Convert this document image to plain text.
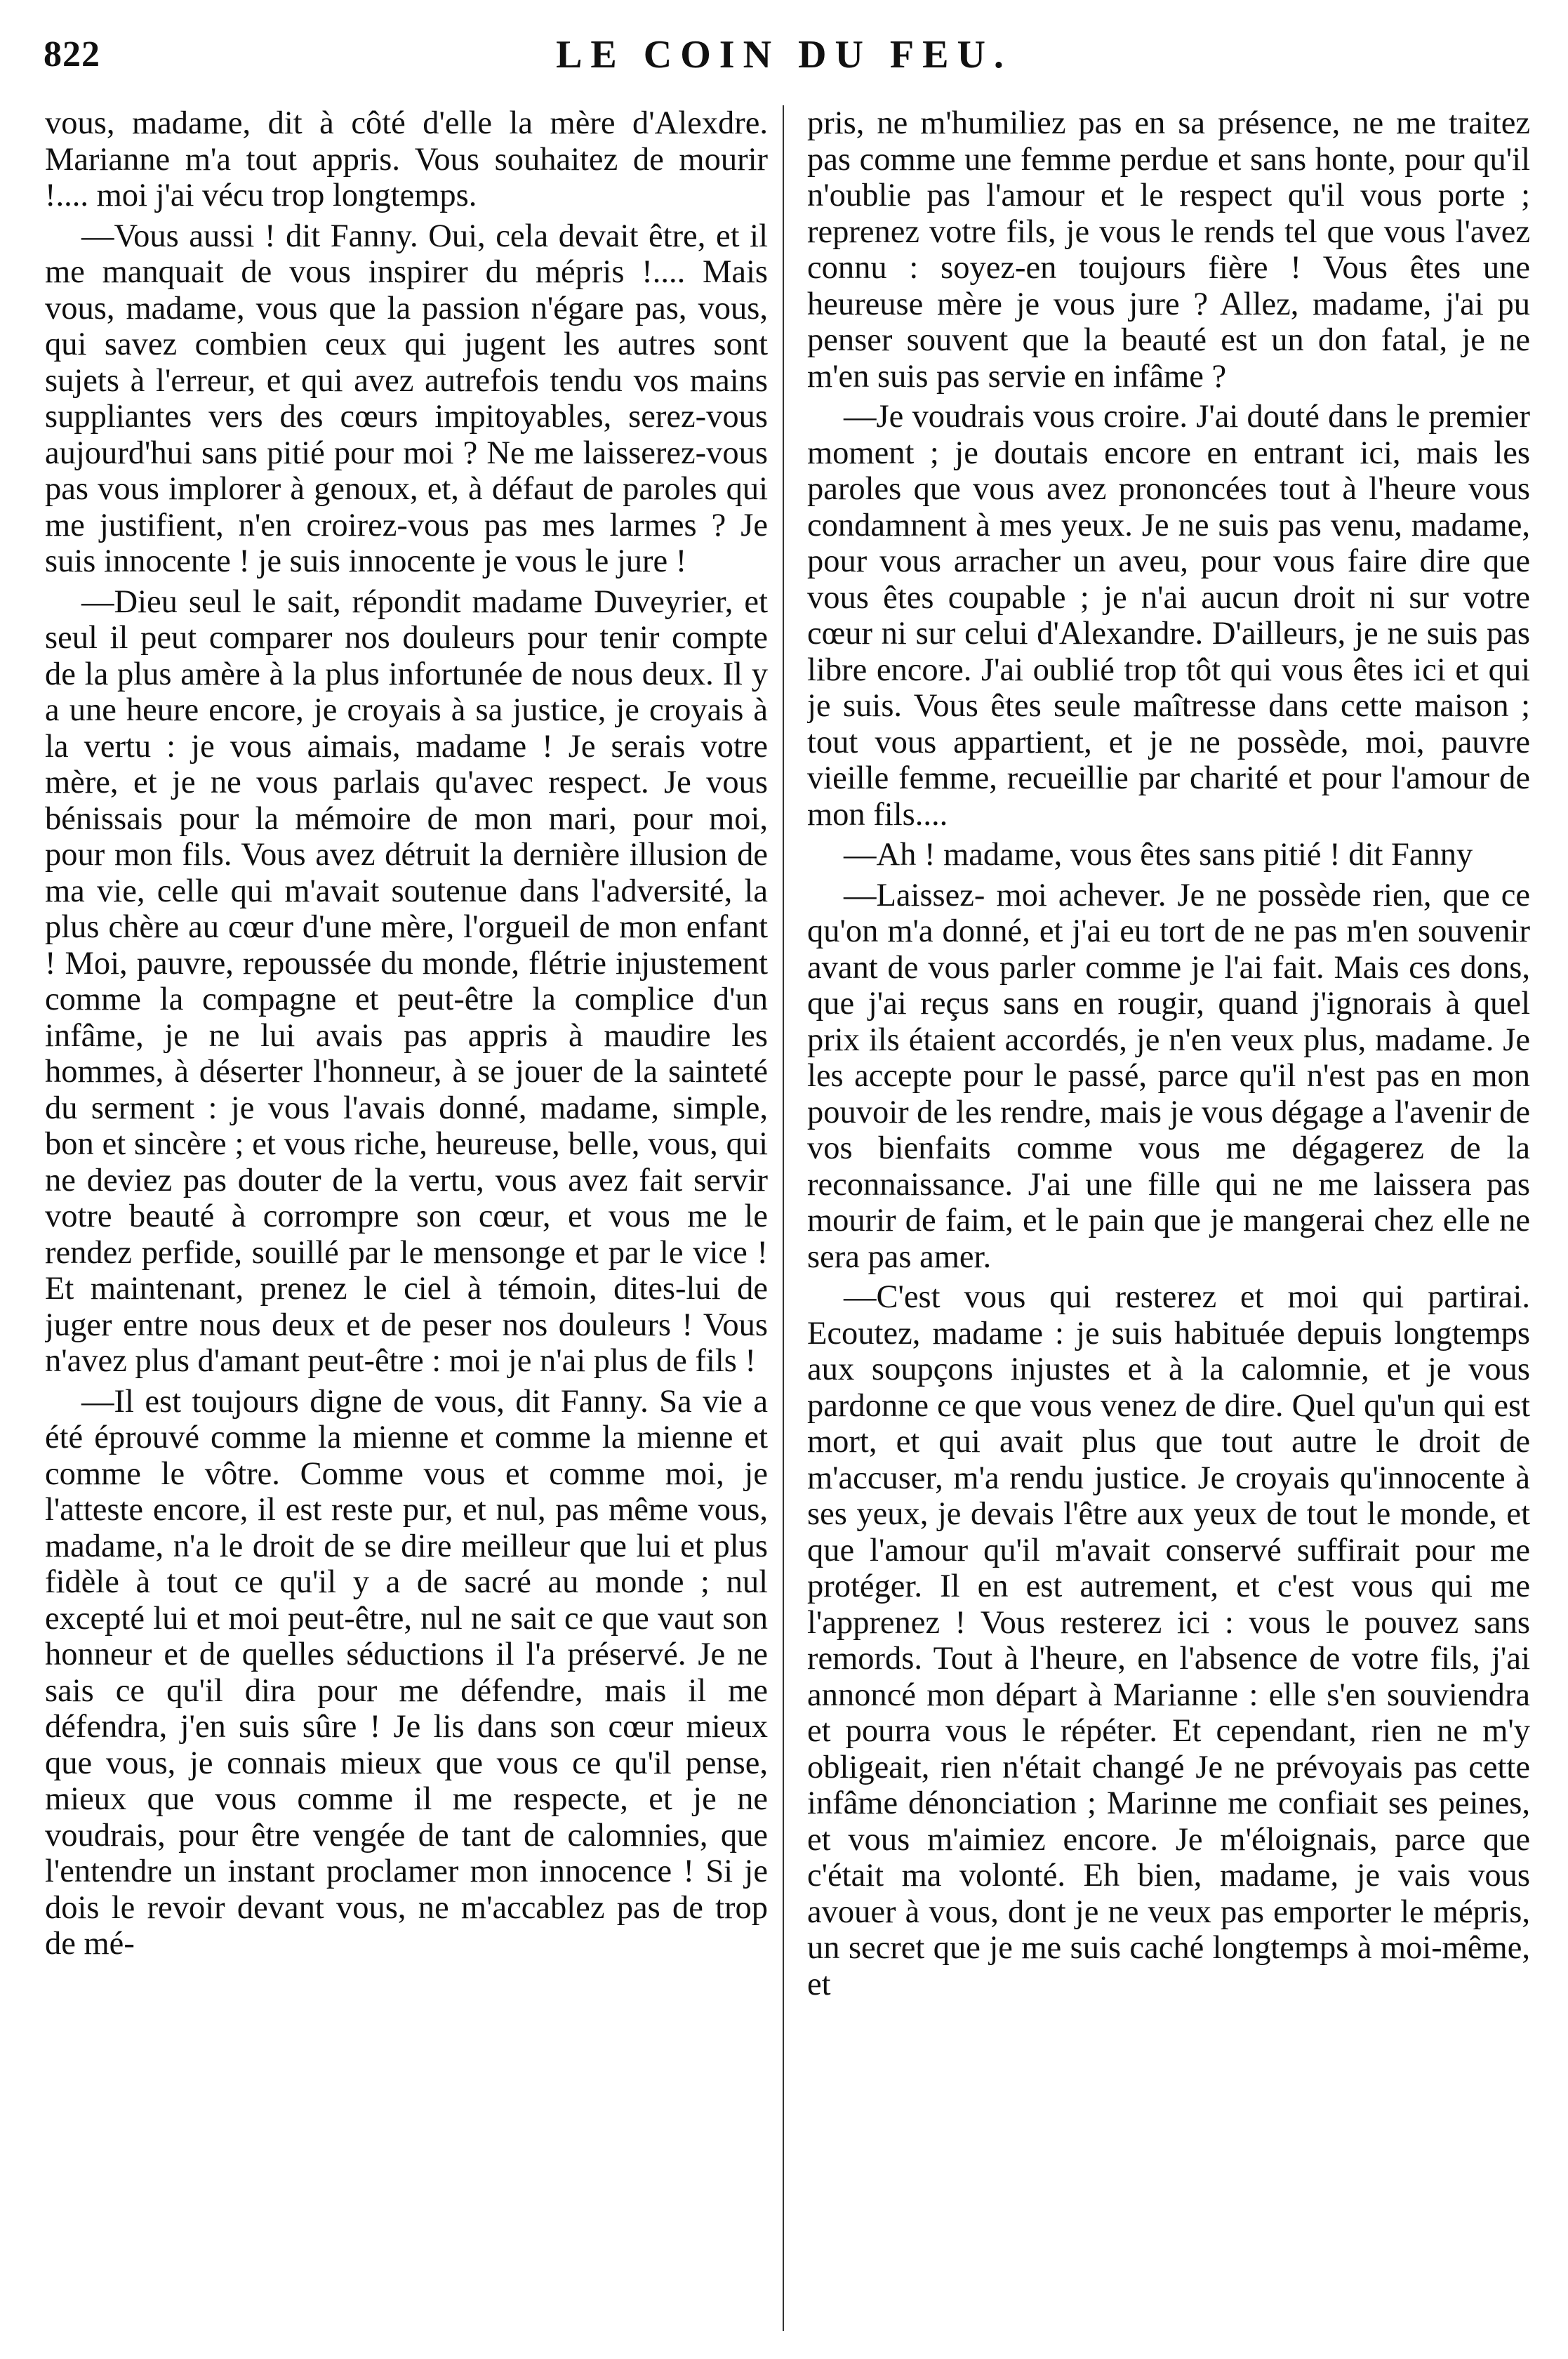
822	LE COIN DU FEU.

vous, madame, dit à côté d'elle la mère d'Alexdre. Marianne m'a tout appris. Vous souhaitez de mourir !.... moi j'ai vécu trop longtemps.

—Vous aussi ! dit Fanny. Oui, cela devait être, et il me manquait de vous inspirer du mépris !.... Mais vous, madame, vous que la passion n'égare pas, vous, qui savez combien ceux qui jugent les autres sont sujets à l'erreur, et qui avez autrefois tendu vos mains suppliantes vers des cœurs impitoyables, serez-vous aujourd'hui sans pitié pour moi ? Ne me laisserez-vous pas vous implorer à genoux, et, à défaut de paroles qui me justifient, n'en croirez-vous pas mes larmes ? Je suis innocente ! je suis innocente je vous le jure !

—Dieu seul le sait, répondit madame Duveyrier, et seul il peut comparer nos douleurs pour tenir compte de la plus amère à la plus infortunée de nous deux. Il y a une heure encore, je croyais à sa justice, je croyais à la vertu : je vous aimais, madame ! Je serais votre mère, et je ne vous parlais qu'avec respect. Je vous bénissais pour la mémoire de mon mari, pour moi, pour mon fils. Vous avez détruit la dernière illusion de ma vie, celle qui m'avait soutenue dans l'adversité, la plus chère au cœur d'une mère, l'orgueil de mon enfant ! Moi, pauvre, repoussée du monde, flétrie injustement comme la compagne et peut-être la complice d'un infâme, je ne lui avais pas appris à maudire les hommes, à déserter l'honneur, à se jouer de la sainteté du serment : je vous l'avais donné, madame, simple, bon et sincère ; et vous riche, heureuse, belle, vous, qui ne deviez pas douter de la vertu, vous avez fait servir votre beauté à corrompre son cœur, et vous me le rendez perfide, souillé par le mensonge et par le vice ! Et maintenant, prenez le ciel à témoin, dites-lui de juger entre nous deux et de peser nos douleurs ! Vous n'avez plus d'amant peut-être : moi je n'ai plus de fils !

—Il est toujours digne de vous, dit Fanny. Sa vie a été éprouvé comme la mienne et comme la mienne et comme le vôtre. Comme vous et comme moi, je l'atteste encore, il est reste pur, et nul, pas même vous, madame, n'a le droit de se dire meilleur que lui et plus fidèle à tout ce qu'il y a de sacré au monde ; nul excepté lui et moi peut-être, nul ne sait ce que vaut son honneur et de quelles séductions il l'a préservé. Je ne sais ce qu'il dira pour me défendre, mais il me défendra, j'en suis sûre ! Je lis dans son cœur mieux que vous, je connais mieux que vous ce qu'il pense, mieux que vous comme il me respecte, et je ne voudrais, pour être vengée de tant de calomnies, que l'entendre un instant proclamer mon innocence ! Si je dois le revoir devant vous, ne m'accablez pas de trop de mé-

pris, ne m'humiliez pas en sa présence, ne me traitez pas comme une femme perdue et sans honte, pour qu'il n'oublie pas l'amour et le respect qu'il vous porte ; reprenez votre fils, je vous le rends tel que vous l'avez connu : soyez-en toujours fière ! Vous êtes une heureuse mère je vous jure ? Allez, madame, j'ai pu penser souvent que la beauté est un don fatal, je ne m'en suis pas servie en infâme ?

—Je voudrais vous croire. J'ai douté dans le premier moment ; je doutais encore en entrant ici, mais les paroles que vous avez prononcées tout à l'heure vous condamnent à mes yeux. Je ne suis pas venu, madame, pour vous arracher un aveu, pour vous faire dire que vous êtes coupable ; je n'ai aucun droit ni sur votre cœur ni sur celui d'Alexandre. D'ailleurs, je ne suis pas libre encore. J'ai oublié trop tôt qui vous êtes ici et qui je suis. Vous êtes seule maîtresse dans cette maison ; tout vous appartient, et je ne possède, moi, pauvre vieille femme, recueillie par charité et pour l'amour de mon fils....

—Ah ! madame, vous êtes sans pitié ! dit Fanny

—Laissez- moi achever. Je ne possède rien, que ce qu'on m'a donné, et j'ai eu tort de ne pas m'en souvenir avant de vous parler comme je l'ai fait. Mais ces dons, que j'ai reçus sans en rougir, quand j'ignorais à quel prix ils étaient accordés, je n'en veux plus, madame. Je les accepte pour le passé, parce qu'il n'est pas en mon pouvoir de les rendre, mais je vous dégage a l'avenir de vos bienfaits comme vous me dégagerez de la reconnaissance. J'ai une fille qui ne me laissera pas mourir de faim, et le pain que je mangerai chez elle ne sera pas amer.

—C'est vous qui resterez et moi qui partirai. Ecoutez, madame : je suis habituée depuis longtemps aux soupçons injustes et à la calomnie, et je vous pardonne ce que vous venez de dire. Quel qu'un qui est mort, et qui avait plus que tout autre le droit de m'accuser, m'a rendu justice. Je croyais qu'innocente à ses yeux, je devais l'être aux yeux de tout le monde, et que l'amour qu'il m'avait conservé suffirait pour me protéger. Il en est autrement, et c'est vous qui me l'apprenez ! Vous resterez ici : vous le pouvez sans remords. Tout à l'heure, en l'absence de votre fils, j'ai annoncé mon départ à Marianne : elle s'en souviendra et pourra vous le répéter. Et cependant, rien ne m'y obligeait, rien n'était changé Je ne prévoyais pas cette infâme dénonciation ; Marinne me confiait ses peines, et vous m'aimiez encore. Je m'éloignais, parce que c'était ma volonté. Eh bien, madame, je vais vous avouer à vous, dont je ne veux pas emporter le mépris, un secret que je me suis caché longtemps à moi-même, et
